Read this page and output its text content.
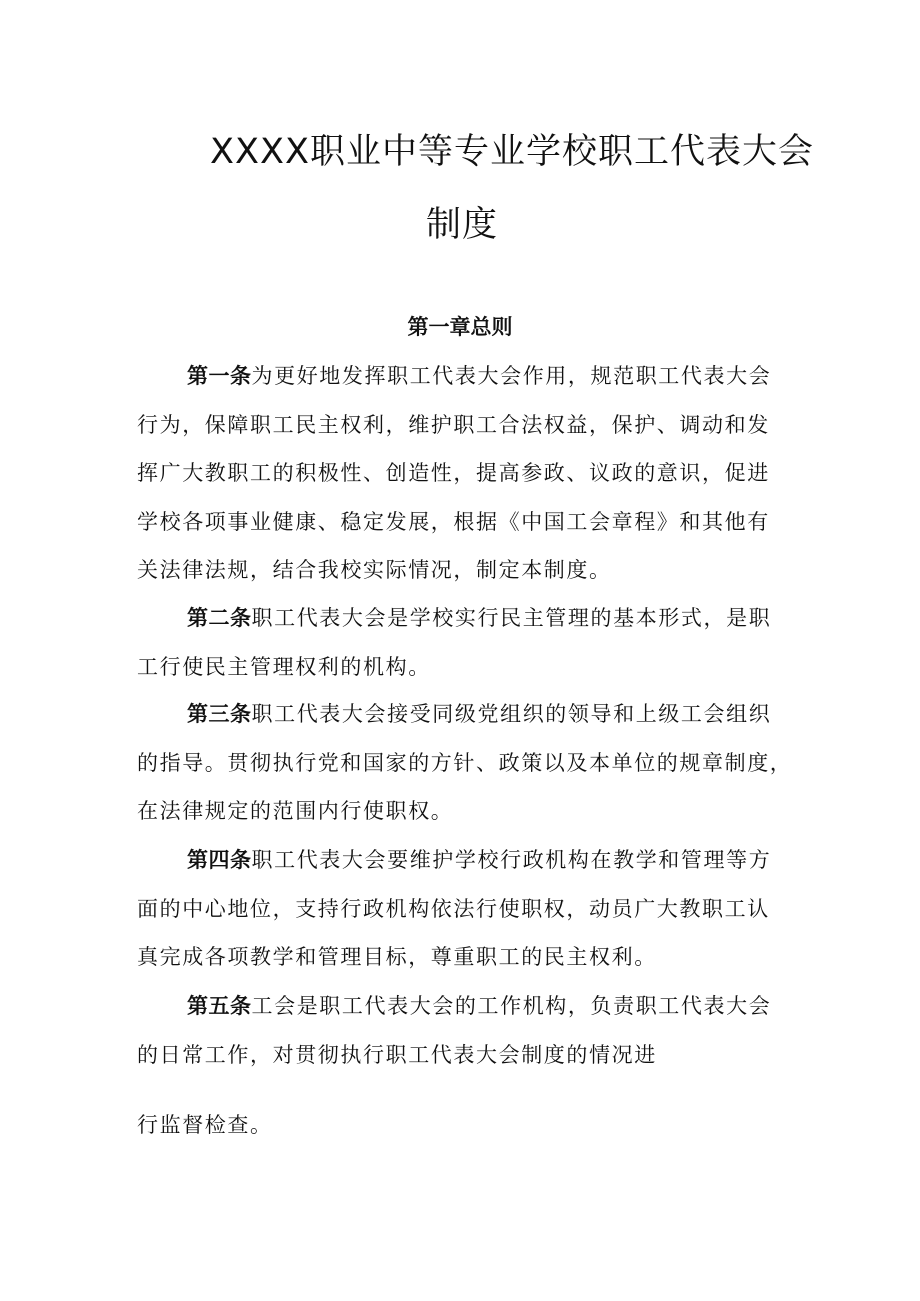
XXXX职业中等专业学校职工代表大会
制度
第一章总则
第一条为更好地发挥职工代表大会作用，规范职工代表大会
行为，保障职工民主权利，维护职工合法权益，保护、调动和发
挥广大教职工的积极性、创造性，提高参政、议政的意识，促进
学校各项事业健康、稳定发展，根据《中国工会章程》和其他有
关法律法规，结合我校实际情况，制定本制度。
第二条职工代表大会是学校实行民主管理的基本形式，是职
工行使民主管理权利的机构。
第三条职工代表大会接受同级党组织的领导和上级工会组织
的指导。贯彻执行党和国家的方针、政策以及本单位的规章制度，
在法律规定的范围内行使职权。
第四条职工代表大会要维护学校行政机构在教学和管理等方
面的中心地位，支持行政机构依法行使职权，动员广大教职工认
真完成各项教学和管理目标，尊重职工的民主权利。
第五条工会是职工代表大会的工作机构，负责职工代表大会
的日常工作，对贯彻执行职工代表大会制度的情况进
行监督检查。
